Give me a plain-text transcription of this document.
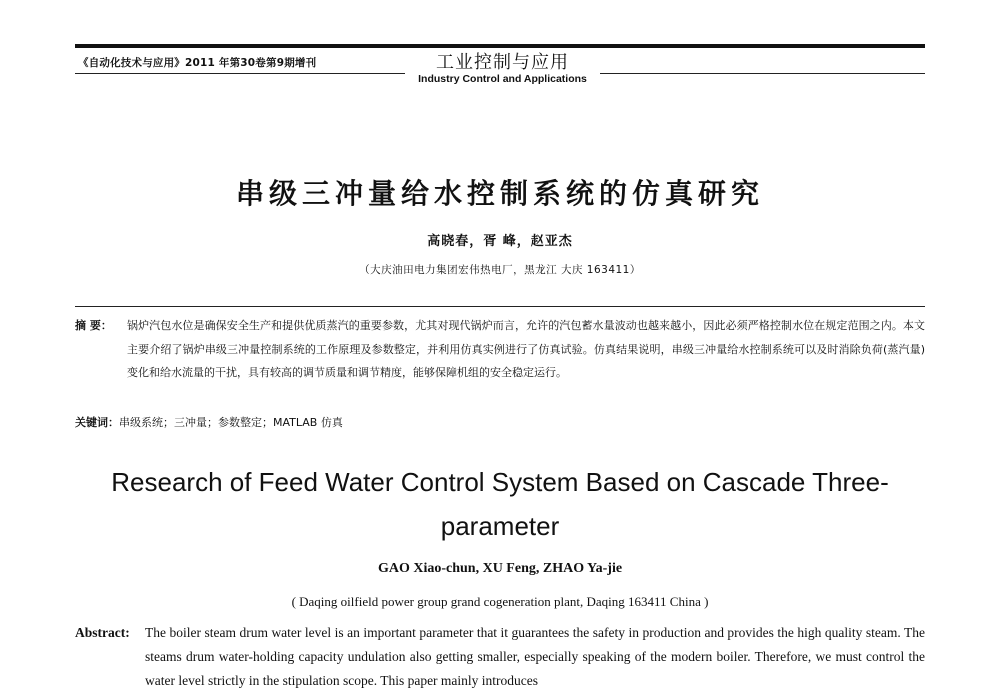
《自动化技术与应用》2011 年第30卷第9期增刊	工业控制与应用
Industry Control and Applications
串级三冲量给水控制系统的仿真研究
高晓春，胥 峰，赵亚杰
（大庆油田电力集团宏伟热电厂，黑龙江 大庆 163411）
摘 要： 锅炉汽包水位是确保安全生产和提供优质蒸汽的重要参数，尤其对现代锅炉而言，允许的汽包蓄水量波动也越来越小，因此必须严格控制水位在规定范围之内。本文主要介绍了锅炉串级三冲量控制系统的工作原理及参数整定，并利用仿真实例进行了仿真试验。仿真结果说明，串级三冲量给水控制系统可以及时消除负荷(蒸汽量)变化和给水流量的干扰，具有较高的调节质量和调节精度，能够保障机组的安全稳定运行。
关键词：串级系统；三冲量；参数整定；MATLAB 仿真
Research of Feed Water Control System Based on Cascade Three-parameter
GAO Xiao-chun, XU Feng, ZHAO Ya-jie
( Daqing oilfield power group grand cogeneration plant, Daqing 163411 China )
Abstract: The boiler steam drum water level is an important parameter that it guarantees the safety in production and provides the high quality steam. The steams drum water-holding capacity undulation also getting smaller, especially speaking of the modern boiler. Therefore, we must control the water level strictly in the stipulation scope. This paper mainly introduces
